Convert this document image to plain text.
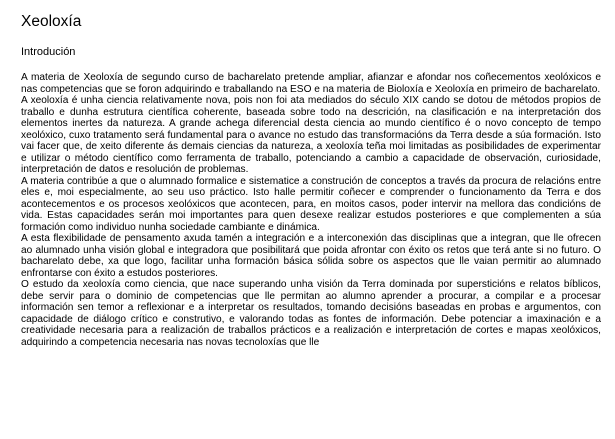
Xeoloxía
Introdución

A materia de Xeoloxía de segundo curso de bacharelato pretende ampliar, afianzar e afondar nos coñecementos xeolóxicos e nas competencias que se foron adquirindo e traballando na ESO e na materia de Bioloxía e Xeoloxía en primeiro de bacharelato.

A xeoloxía é unha ciencia relativamente nova, pois non foi ata mediados do século XIX cando se dotou de métodos propios de traballo e dunha estrutura científica coherente, baseada sobre todo na descrición, na clasificación e na interpretación dos elementos inertes da natureza. A grande achega diferencial desta ciencia ao mundo científico é o novo concepto de tempo xeolóxico, cuxo tratamento será fundamental para o avance no estudo das transformacións da Terra desde a súa formación. Isto vai facer que, de xeito diferente ás demais ciencias da natureza, a xeoloxía teña moi limitadas as posibilidades de experimentar e utilizar o método científico como ferramenta de traballo, potenciando a cambio a capacidade de observación, curiosidade, interpretación de datos e resolución de problemas.

A materia contribúe a que o alumnado formalice e sistematice a construción de conceptos a través da procura de relacións entre eles e, moi especialmente, ao seu uso práctico. Isto halle permitir coñecer e comprender o funcionamento da Terra e dos acontecementos e os procesos xeolóxicos que acontecen, para, en moitos casos, poder intervir na mellora das condicións de vida. Estas capacidades serán moi importantes para quen desexe realizar estudos posteriores e que complementen a súa formación como individuo nunha sociedade cambiante e dinámica.

A esta flexibilidade de pensamento axuda tamén a integración e a interconexión das disciplinas que a integran, que lle ofrecen ao alumnado unha visión global e integradora que posibilitará que poida afrontar con éxito os retos que terá ante si no futuro. O bacharelato debe, xa que logo, facilitar unha formación básica sólida sobre os aspectos que lle vaian permitir ao alumnado enfrontarse con éxito a estudos posteriores.

O estudo da xeoloxía como ciencia, que nace superando unha visión da Terra dominada por supersticións e relatos bíblicos, debe servir para o dominio de competencias que lle permitan ao alumno aprender a procurar, a compilar e a procesar información sen temor a reflexionar e a interpretar os resultados, tomando decisións baseadas en probas e argumentos, con capacidade de diálogo crítico e construtivo, e valorando todas as fontes de información. Debe potenciar a imaxinación e a creatividade necesaria para a realización de traballos prácticos e a realización e interpretación de cortes e mapas xeolóxicos, adquirindo a competencia necesaria nas novas tecnoloxías que lle
